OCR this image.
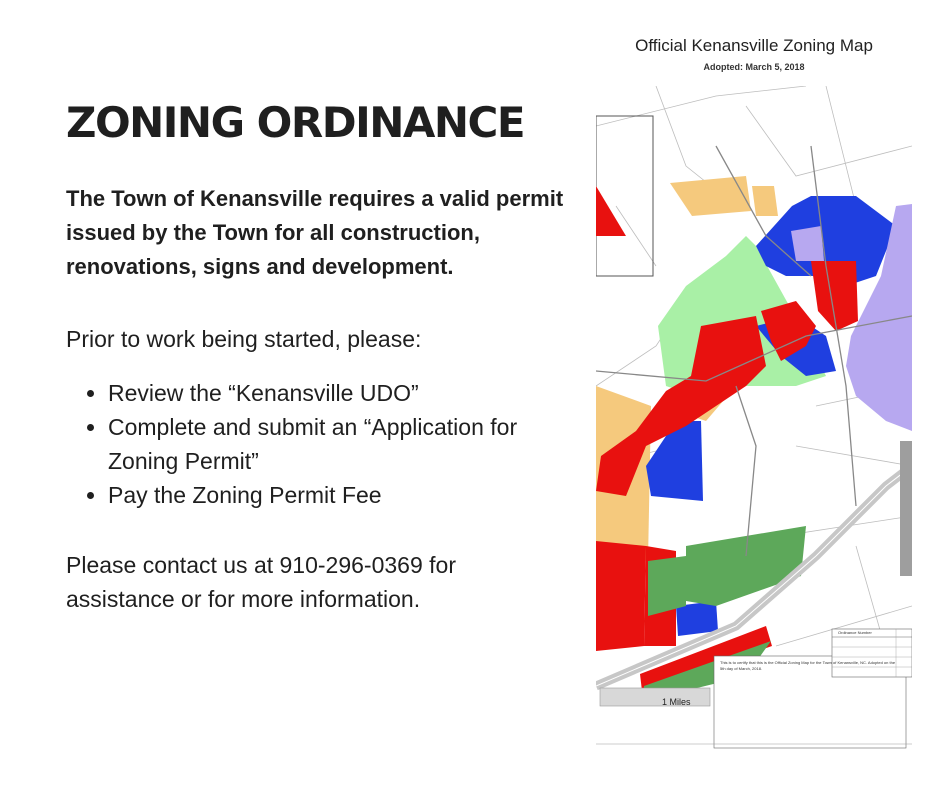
ZONING ORDINANCE

The Town of Kenansville requires a valid permit issued by the Town for all construction, renovations, signs and development.

Prior to work being started, please:

• Review the “Kenansville UDO”
• Complete and submit an “Application for Zoning Permit”
• Pay the Zoning Permit Fee

Please contact us at 910-296-0369 for assistance or for more information.

Official Kenansville Zoning Map
Adopted: March 5, 2018
1 Miles
This is to certify that this is the Official Zoning Map for the Town of Kenansville, NC. Adopted on the 5th day of March, 2018.
Ordinance Number
